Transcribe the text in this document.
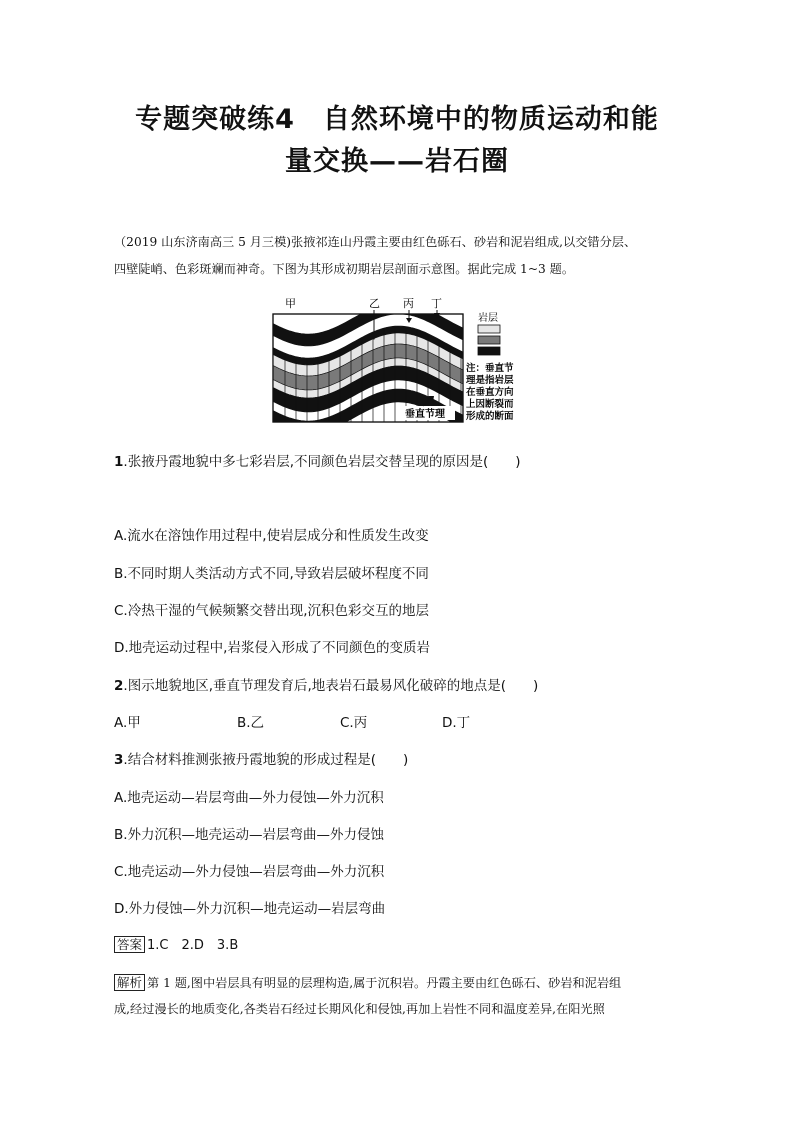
专题突破练4　自然环境中的物质运动和能
量交换——岩石圈

（2019 山东济南高三 5 月三模)张掖祁连山丹霞主要由红色砾石、砂岩和泥岩组成,以交错分层、

四壁陡峭、色彩斑斓而神奇。下图为其形成初期岩层剖面示意图。据此完成 1~3 题。

甲	乙 丙 丁
岩层
注：垂直节
理是指岩层
在垂直方向
上因断裂而
形成的断面
垂直节理
1.张掖丹霞地貌中多七彩岩层,不同颜色岩层交替呈现的原因是(　　)
A.流水在溶蚀作用过程中,使岩层成分和性质发生改变
B.不同时期人类活动方式不同,导致岩层破坏程度不同
C.冷热干湿的气候频繁交替出现,沉积色彩交互的地层
D.地壳运动过程中,岩浆侵入形成了不同颜色的变质岩
2.图示地貌地区,垂直节理发育后,地表岩石最易风化破碎的地点是(　　)
A.甲	B.乙	C.丙	D.丁
3.结合材料推测张掖丹霞地貌的形成过程是(　　)
A.地壳运动—岩层弯曲—外力侵蚀—外力沉积
B.外力沉积—地壳运动—岩层弯曲—外力侵蚀
C.地壳运动—外力侵蚀—岩层弯曲—外力沉积
D.外力侵蚀—外力沉积—地壳运动—岩层弯曲
答案 1.C　2.D　3.B

解析 第 1 题,图中岩层具有明显的层理构造,属于沉积岩。丹霞主要由红色砾石、砂岩和泥岩组

成,经过漫长的地质变化,各类岩石经过长期风化和侵蚀,再加上岩性不同和温度差异,在阳光照
